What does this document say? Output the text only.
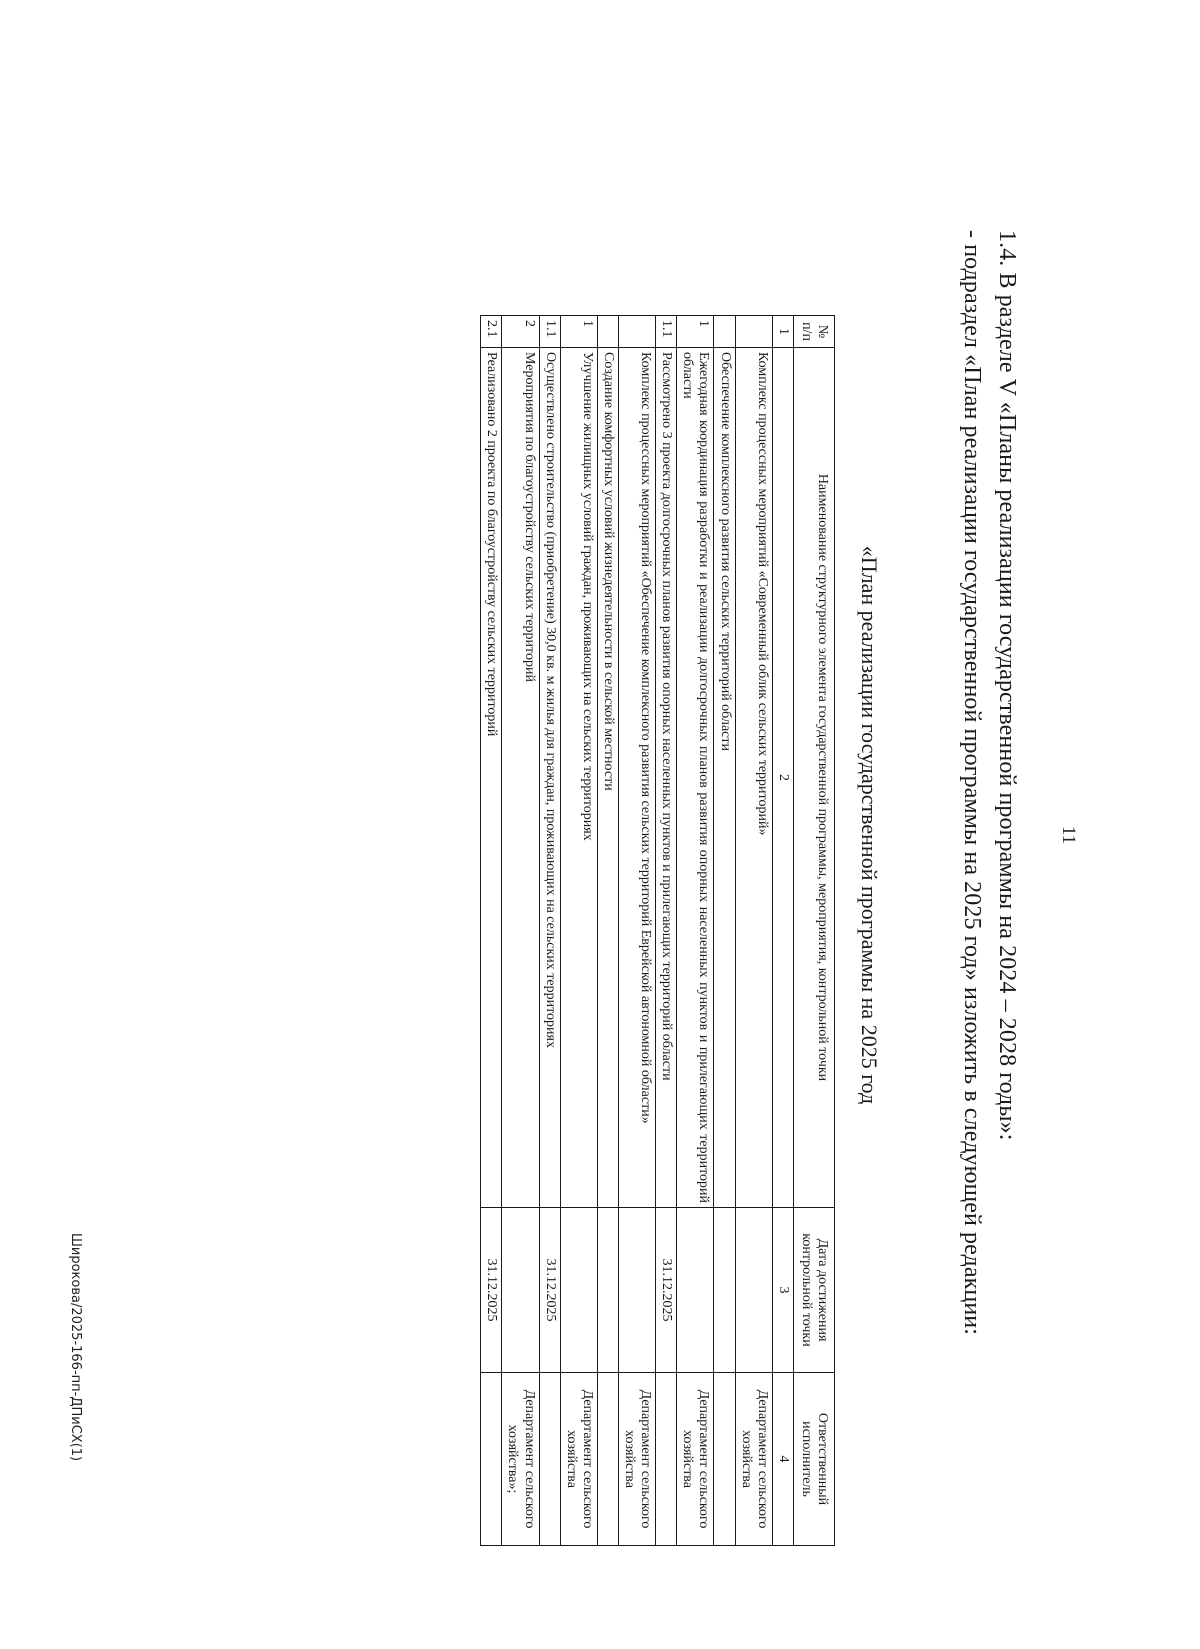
11
1.4. В разделе V «Планы реализации государственной программы на 2024 – 2028 годы»:
- подраздел «План реализации государственной программы на 2025 год» изложить в следующей редакции:
«План реализации государственной программы на 2025 год
№ п/п	Наименование структурного элемента государственной программы, мероприятия, контрольной точки	Дата достижения контрольной точки	Ответственный исполнитель
1	2	3	4
	Комплекс процессных мероприятий «Современный облик сельских территорий»		Департамент сельского хозяйства
	Обеспечение комплексного развития сельских территорий области		
1	Ежегодная координация разработки и реализации долгосрочных планов развития опорных населенных пунктов и прилегающих территорий области		Департамент сельского хозяйства
1.1	Рассмотрено 3 проекта долгосрочных планов развития опорных населенных пунктов и прилегающих территорий области	31.12.2025	
	Комплекс процессных мероприятий «Обеспечение комплексного развития сельских территорий Еврейской автономной области»		Департамент сельского хозяйства
	Создание комфортных условий жизнедеятельности в сельской местности		
1	Улучшение жилищных условий граждан, проживающих на сельских территориях		Департамент сельского хозяйства
1.1	Осуществлено строительство (приобретение) 30,0 кв. м жилья для граждан, проживающих на сельских территориях	31.12.2025	
2	Мероприятия по благоустройству сельских территорий		Департамент сельского хозяйства»;
2.1	Реализовано 2 проекта по благоустройству сельских территорий	31.12.2025	
Широкова/2025-166-пп-ДПиСХ(1)
